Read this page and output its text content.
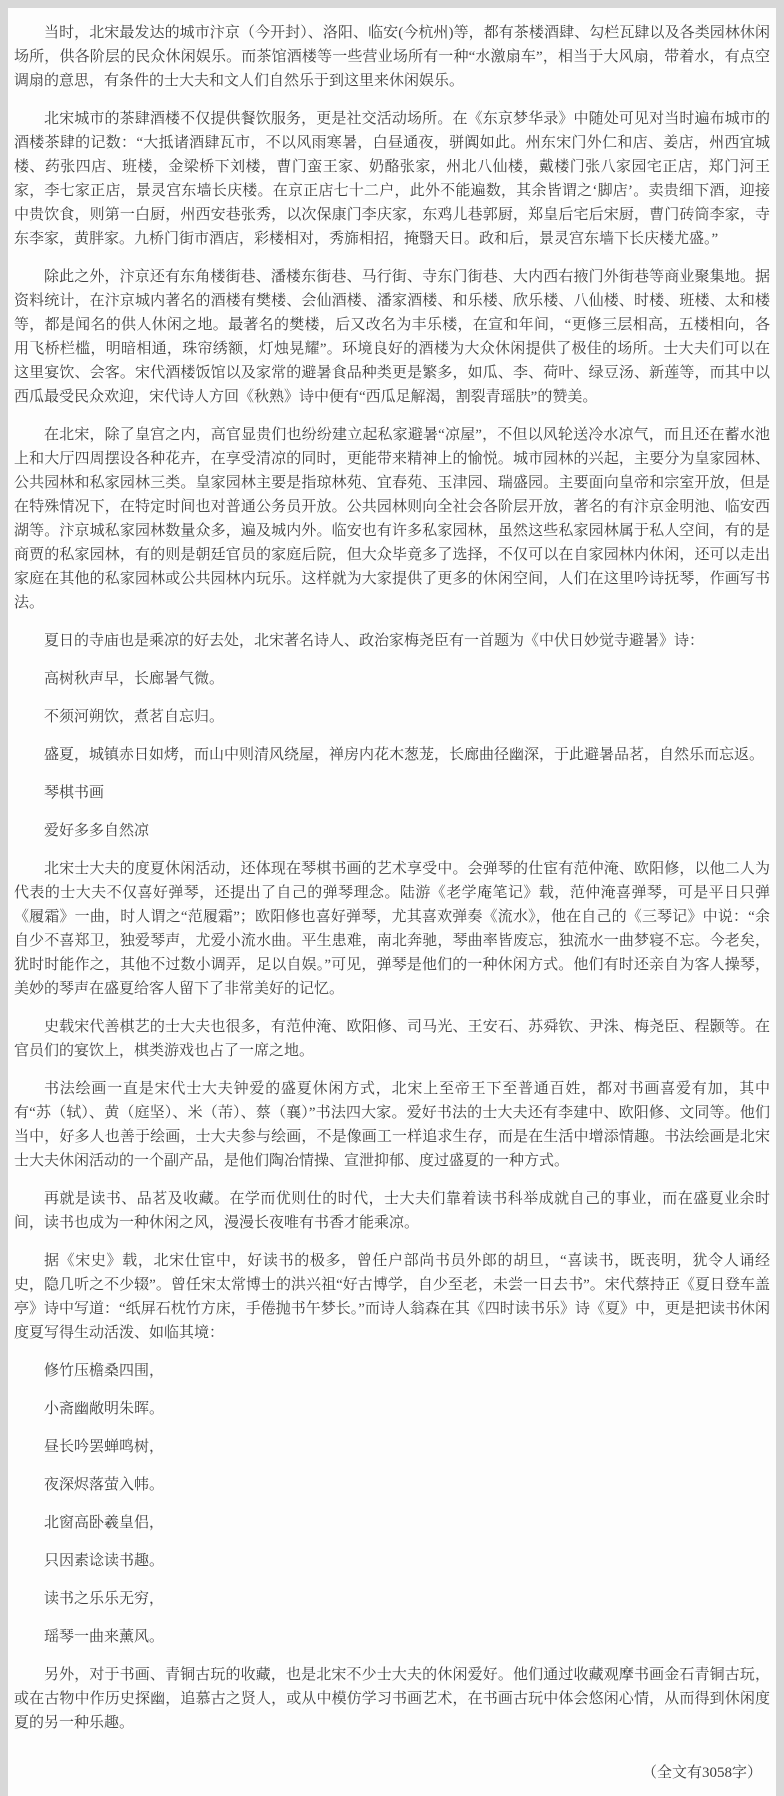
当时，北宋最发达的城市汴京（今开封）、洛阳、临安(今杭州)等，都有茶楼酒肆、勾栏瓦肆以及各类园林休闲场所，供各阶层的民众休闲娱乐。而茶馆酒楼等一些营业场所有一种“水激扇车”，相当于大风扇，带着水，有点空调扇的意思，有条件的士大夫和文人们自然乐于到这里来休闲娱乐。

北宋城市的茶肆酒楼不仅提供餐饮服务，更是社交活动场所。在《东京梦华录》中随处可见对当时遍布城市的酒楼茶肆的记数：“大抵诸酒肆瓦市，不以风雨寒暑，白昼通夜，骈阗如此。州东宋门外仁和店、姜店，州西宜城楼、药张四店、班楼，金梁桥下刘楼，曹门蛮王家、奶酪张家，州北八仙楼，戴楼门张八家园宅正店，郑门河王家，李七家正店，景灵宫东墙长庆楼。在京正店七十二户，此外不能遍数，其余皆谓之‘脚店’。卖贵细下酒，迎接中贵饮食，则第一白厨，州西安巷张秀，以次保康门李庆家，东鸡儿巷郭厨，郑皇后宅后宋厨，曹门砖筒李家，寺东李家，黄胖家。九桥门街市酒店，彩楼相对，秀旆相招，掩翳天日。政和后，景灵宫东墙下长庆楼尤盛。”

除此之外，汴京还有东角楼街巷、潘楼东街巷、马行街、寺东门街巷、大内西右掖门外街巷等商业聚集地。据资料统计，在汴京城内著名的酒楼有樊楼、会仙酒楼、潘家酒楼、和乐楼、欣乐楼、八仙楼、时楼、班楼、太和楼等，都是闻名的供人休闲之地。最著名的樊楼，后又改名为丰乐楼，在宣和年间，“更修三层相高，五楼相向，各用飞桥栏槛，明暗相通，珠帘绣额，灯烛晃耀”。环境良好的酒楼为大众休闲提供了极佳的场所。士大夫们可以在这里宴饮、会客。宋代酒楼饭馆以及家常的避暑食品种类更是繁多，如瓜、李、荷叶、绿豆汤、新莲等，而其中以西瓜最受民众欢迎，宋代诗人方回《秋熟》诗中便有“西瓜足解渴，割裂青瑶肤”的赞美。

在北宋，除了皇宫之内，高官显贵们也纷纷建立起私家避暑“凉屋”，不但以风轮送冷水凉气，而且还在蓄水池上和大厅四周摆设各种花卉，在享受清凉的同时，更能带来精神上的愉悦。城市园林的兴起，主要分为皇家园林、公共园林和私家园林三类。皇家园林主要是指琼林苑、宜春苑、玉津园、瑞盛园。主要面向皇帝和宗室开放，但是在特殊情况下，在特定时间也对普通公务员开放。公共园林则向全社会各阶层开放，著名的有汴京金明池、临安西湖等。汴京城私家园林数量众多，遍及城内外。临安也有许多私家园林，虽然这些私家园林属于私人空间，有的是商贾的私家园林，有的则是朝廷官员的家庭后院，但大众毕竟多了选择，不仅可以在自家园林内休闲，还可以走出家庭在其他的私家园林或公共园林内玩乐。这样就为大家提供了更多的休闲空间，人们在这里吟诗抚琴，作画写书法。

夏日的寺庙也是乘凉的好去处，北宋著名诗人、政治家梅尧臣有一首题为《中伏日妙觉寺避暑》诗：

高树秋声早，长廊暑气微。

不须河朔饮，煮茗自忘归。

盛夏，城镇赤日如烤，而山中则清风绕屋，禅房内花木葱茏，长廊曲径幽深，于此避暑品茗，自然乐而忘返。

琴棋书画

爱好多多自然凉

北宋士大夫的度夏休闲活动，还体现在琴棋书画的艺术享受中。会弹琴的仕宦有范仲淹、欧阳修，以他二人为代表的士大夫不仅喜好弹琴，还提出了自己的弹琴理念。陆游《老学庵笔记》载，范仲淹喜弹琴，可是平日只弹《履霜》一曲，时人谓之“范履霜”；欧阳修也喜好弹琴，尤其喜欢弹奏《流水》，他在自己的《三琴记》中说：“余自少不喜郑卫，独爱琴声，尤爱小流水曲。平生患难，南北奔驰，琴曲率皆废忘，独流水一曲梦寝不忘。今老矣，犹时时能作之，其他不过数小调弄，足以自娱。”可见，弹琴是他们的一种休闲方式。他们有时还亲自为客人操琴，美妙的琴声在盛夏给客人留下了非常美好的记忆。

史载宋代善棋艺的士大夫也很多，有范仲淹、欧阳修、司马光、王安石、苏舜钦、尹洙、梅尧臣、程颢等。在官员们的宴饮上，棋类游戏也占了一席之地。

书法绘画一直是宋代士大夫钟爱的盛夏休闲方式，北宋上至帝王下至普通百姓，都对书画喜爱有加，其中有“苏（轼）、黄（庭坚）、米（芾）、蔡（襄）”书法四大家。爱好书法的士大夫还有李建中、欧阳修、文同等。他们当中，好多人也善于绘画，士大夫参与绘画，不是像画工一样追求生存，而是在生活中增添情趣。书法绘画是北宋士大夫休闲活动的一个副产品，是他们陶冶情操、宣泄抑郁、度过盛夏的一种方式。

再就是读书、品茗及收藏。在学而优则仕的时代，士大夫们靠着读书科举成就自己的事业，而在盛夏业余时间，读书也成为一种休闲之风，漫漫长夜唯有书香才能乘凉。

据《宋史》载，北宋仕宦中，好读书的极多，曾任户部尚书员外郎的胡旦，“喜读书，既丧明，犹令人诵经史，隐几听之不少辍”。曾任宋太常博士的洪兴祖“好古博学，自少至老，未尝一日去书”。宋代蔡持正《夏日登车盖亭》诗中写道：“纸屏石枕竹方床，手倦抛书午梦长。”而诗人翁森在其《四时读书乐》诗《夏》中，更是把读书休闲度夏写得生动活泼、如临其境：

修竹压檐桑四围，

小斋幽敞明朱晖。

昼长吟罢蝉鸣树，

夜深烬落萤入帏。

北窗高卧羲皇侣，

只因素谂读书趣。

读书之乐乐无穷，

瑶琴一曲来薰风。

另外，对于书画、青铜古玩的收藏，也是北宋不少士大夫的休闲爱好。他们通过收藏观摩书画金石青铜古玩，或在古物中作历史探幽，追慕古之贤人，或从中模仿学习书画艺术，在书画古玩中体会悠闲心情，从而得到休闲度夏的另一种乐趣。

（全文有3058字）
